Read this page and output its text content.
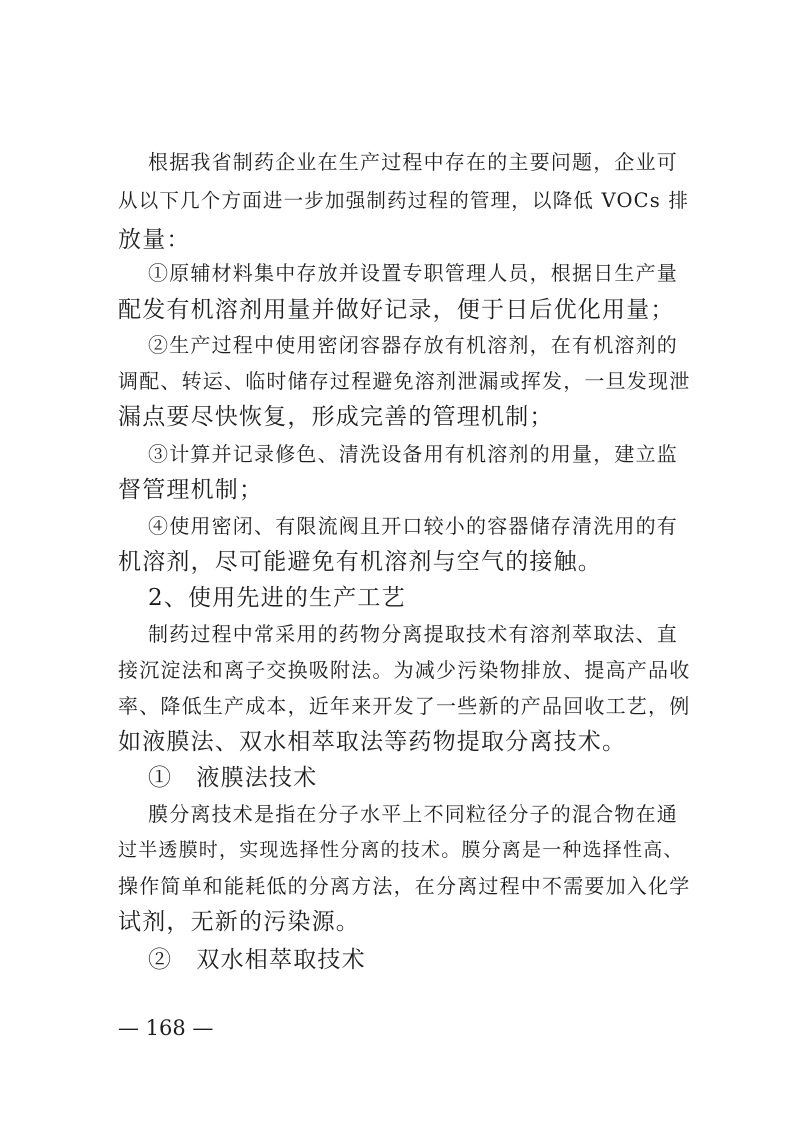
根据我省制药企业在生产过程中存在的主要问题，企业可
从以下几个方面进一步加强制药过程的管理，以降低 VOCs 排
放量：
①原辅材料集中存放并设置专职管理人员，根据日生产量
配发有机溶剂用量并做好记录，便于日后优化用量；
②生产过程中使用密闭容器存放有机溶剂，在有机溶剂的
调配、转运、临时储存过程避免溶剂泄漏或挥发，一旦发现泄
漏点要尽快恢复，形成完善的管理机制；
③计算并记录修色、清洗设备用有机溶剂的用量，建立监
督管理机制；
④使用密闭、有限流阀且开口较小的容器储存清洗用的有
机溶剂，尽可能避免有机溶剂与空气的接触。
2、使用先进的生产工艺
制药过程中常采用的药物分离提取技术有溶剂萃取法、直
接沉淀法和离子交换吸附法。为减少污染物排放、提高产品收
率、降低生产成本，近年来开发了一些新的产品回收工艺，例
如液膜法、双水相萃取法等药物提取分离技术。
①　液膜法技术
膜分离技术是指在分子水平上不同粒径分子的混合物在通
过半透膜时，实现选择性分离的技术。膜分离是一种选择性高、
操作简单和能耗低的分离方法，在分离过程中不需要加入化学
试剂，无新的污染源。
②　双水相萃取技术
— 168 —
